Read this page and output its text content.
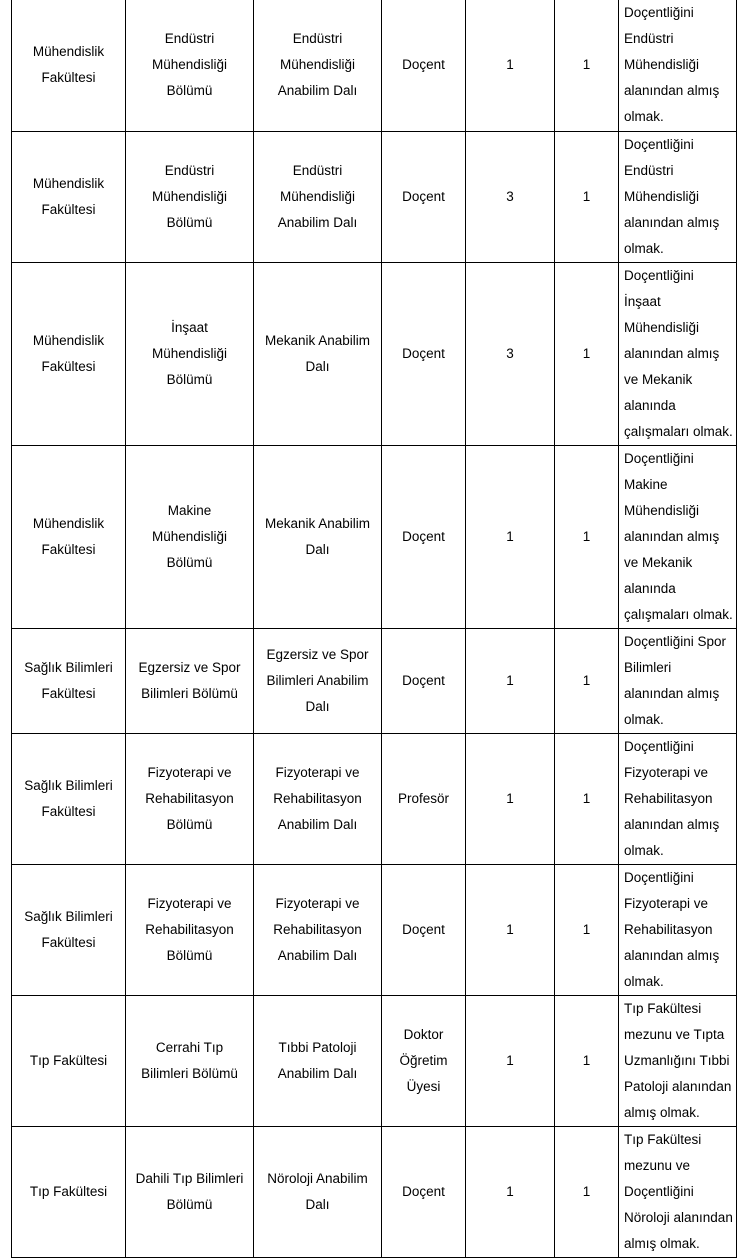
Mühendislik Fakültesi	Endüstri Mühendisliği Bölümü	Endüstri Mühendisliği Anabilim Dalı	Doçent	1	1	Doçentliğini Endüstri Mühendisliği alanından almış olmak.

Mühendislik Fakültesi	Endüstri Mühendisliği Bölümü	Endüstri Mühendisliği Anabilim Dalı	Doçent	3	1	Doçentliğini Endüstri Mühendisliği alanından almış olmak.

Mühendislik Fakültesi	İnşaat Mühendisliği Bölümü	Mekanik Anabilim Dalı	Doçent	3	1	Doçentliğini İnşaat Mühendisliği alanından almış ve Mekanik alanında çalışmaları olmak.

Mühendislik Fakültesi	Makine Mühendisliği Bölümü	Mekanik Anabilim Dalı	Doçent	1	1	Doçentliğini Makine Mühendisliği alanından almış ve Mekanik alanında çalışmaları olmak.

Sağlık Bilimleri Fakültesi	Egzersiz ve Spor Bilimleri Bölümü	Egzersiz ve Spor Bilimleri Anabilim Dalı	Doçent	1	1	Doçentliğini Spor Bilimleri alanından almış olmak.

Sağlık Bilimleri Fakültesi	Fizyoterapi ve Rehabilitasyon Bölümü	Fizyoterapi ve Rehabilitasyon Anabilim Dalı	Profesör	1	1	Doçentliğini Fizyoterapi ve Rehabilitasyon alanından almış olmak.

Sağlık Bilimleri Fakültesi	Fizyoterapi ve Rehabilitasyon Bölümü	Fizyoterapi ve Rehabilitasyon Anabilim Dalı	Doçent	1	1	Doçentliğini Fizyoterapi ve Rehabilitasyon alanından almış olmak.

Tıp Fakültesi	Cerrahi Tıp Bilimleri Bölümü	Tıbbi Patoloji Anabilim Dalı	Doktor Öğretim Üyesi	1	1	Tıp Fakültesi mezunu ve Tıpta Uzmanlığını Tıbbi Patoloji alanından almış olmak.

Tıp Fakültesi	Dahili Tıp Bilimleri Bölümü	Nöroloji Anabilim Dalı	Doçent	1	1	Tıp Fakültesi mezunu ve Doçentliğini Nöroloji alanından almış olmak.
